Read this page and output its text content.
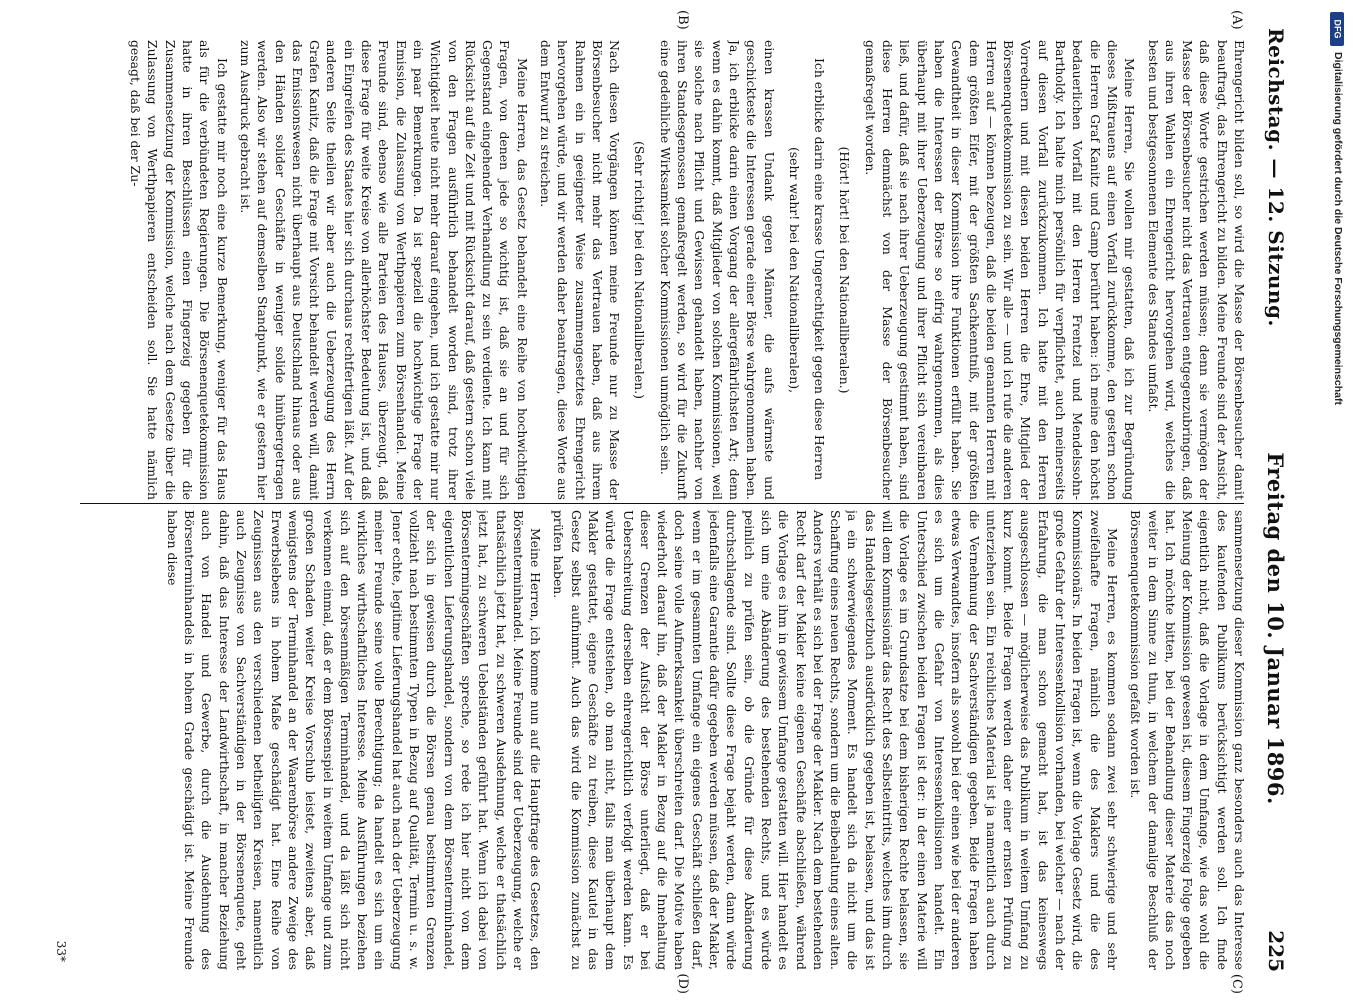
Reichstag. — 12. Sitzung.
Freitag den 10. Januar 1896.
225
(A)
(B)
(C)
(D)

Ehrengericht bilden soll, so wird die Masse der Börsenbesucher damit beauftragt, das Ehrengericht zu bilden. Meine Freunde sind der Ansicht, daß diese Worte gestrichen werden müssen; denn sie vermögen der Masse der Börsenbesucher nicht das Vertrauen entgegenzubringen, daß aus ihren Wahlen ein Ehrengericht hervorgehen wird, welches die besten und bestgesonnenen Elemente des Standes umfaßt.

Meine Herren, Sie wollen mir gestatten, daß ich zur Begründung dieses Mißtrauens auf einen Vorfall zurückkomme, den gestern schon die Herren Graf Kanitz und Gamp berührt haben: ich meine den höchst bedauerlichen Vorfall mit den Herren Frentzel und Mendelssohn-Bartholdy. Ich halte mich persönlich für verpflichtet, auch meinerseits auf diesen Vorfall zurückzukommen. Ich hatte mit den Herren Vorrednern und mit diesen beiden Herren die Ehre, Mitglied der Börsenenquetekommission zu sein. Wir alle — und ich rufe die anderen Herren auf — können bezeugen, daß die beiden genannten Herren mit dem größten Eifer, mit der größten Sachkenntniß, mit der größten Gewandtheit in dieser Kommission ihre Funktionen erfüllt haben. Sie haben die Interessen der Börse so eifrig wahrgenommen, als dies überhaupt mit ihrer Ueberzeugung und ihrer Pflicht sich vereinbaren ließ, und dafür, daß sie nach ihrer Ueberzeugung gestimmt haben, sind diese Herren demnächst von der Masse der Börsenbesucher gemaßregelt worden.

(Hört! hört! bei den Nationalliberalen.)

Ich erblicke darin eine krasse Ungerechtigkeit gegen diese Herren

(sehr wahr! bei den Nationalliberalen),

einen krassen Undank gegen Männer, die aufs wärmste und geschickteste die Interessen gerade einer Börse wahrgenommen haben. Ja, ich erblicke darin einen Vorgang der allergefährlichsten Art; denn wenn es dahin kommt, daß Mitglieder von solchen Kommissionen, weil sie solche nach Pflicht und Gewissen gehandelt haben, nachher von ihren Standesgenossen gemaßregelt werden, so wird für die Zukunft eine gedeihliche Wirksamkeit solcher Kommissionen unmöglich sein.

(Sehr richtig! bei den Nationalliberalen.)

Nach diesen Vorgängen können meine Freunde nur zu Masse der Börsenbesucher nicht mehr das Vertrauen haben, daß aus ihrem Rahmen ein in geeigneter Weise zusammengesetztes Ehrengericht hervorgehen würde, und wir werden daher beantragen, diese Worte aus dem Entwurf zu streichen.

Meine Herren, das Gesetz behandelt eine Reihe von hochwichtigen Fragen, von denen jede so wichtig ist, daß sie an und für sich Gegenstand eingehender Verhandlung zu sein verdiente. Ich kann mit Rücksicht auf die Zeit und mit Rücksicht darauf, daß gestern schon viele von den Fragen ausführlich behandelt worden sind, trotz ihrer Wichtigkeit heute nicht mehr darauf eingehen, und ich gestatte mir nur ein paar Bemerkungen. Da ist speziell die hochwichtige Frage der Emission, die Zulassung von Werthpapieren zum Börsenhandel. Meine Freunde sind, ebenso wie alle Parteien des Hauses, überzeugt, daß diese Frage für weite Kreise von allerhöchster Bedeutung ist, und daß ein Eingreifen des Staates hier sich durchaus rechtfertigen läßt. Auf der anderen Seite theilen wir aber auch die Ueberzeugung des Herrn Grafen Kanitz, daß die Frage mit Vorsicht behandelt werden will, damit das Emissionswesen nicht überhaupt aus Deutschland hinaus oder aus den Händen solider Geschäfte in weniger solide hinübergetragen werden. Also wir stehen auf demselben Standpunkt, wie er gestern hier zum Ausdruck gebracht ist.

Ich gestatte mir noch eine kurze Bemerkung, weniger für das Haus als für die verbündeten Regierungen. Die Börsenenquetekommission hatte in ihren Beschlüssen einen Fingerzeig gegeben für die Zusammensetzung der Kommission, welche nach dem Gesetze über die Zulassung von Werthpapieren entscheiden soll. Sie hatte nämlich gesagt, daß bei der Zu-

sammensetzung dieser Kommission ganz besonders auch das Interesse des kaufenden Publikums berücksichtigt werden soll. Ich finde eigentlich nicht, daß die Vorlage in dem Umfange, wie das wohl die Meinung der Kommission gewesen ist, diesem Fingerzeig Folge gegeben hat. Ich möchte bitten, bei der Behandlung dieser Materie das noch weiter in dem Sinne zu thun, in welchem der damalige Beschluß der Börsenenquetekommission gefaßt worden ist.

Meine Herren, es kommen sodann zwei sehr schwierige und sehr zweifelhafte Fragen, nämlich die des Maklers und die des Kommissionärs. In beiden Fragen ist, wenn die Vorlage Gesetz wird, die große Gefahr der Interessenkollision vorhanden, bei welcher — nach der Erfahrung, die man schon gemacht hat, ist das keineswegs ausgeschlossen — möglicherweise das Publikum in weitem Umfang zu kurz kommt. Beide Fragen werden daher einer ernsten Prüfung zu unterziehen sein. Ein reichliches Material ist ja namentlich auch durch die Vernehmung der Sachverständigen gegeben. Beide Fragen haben etwas Verwandtes, insofern als sowohl bei der einen wie bei der anderen es sich um die Gefahr von Interessenkollisionen handelt. Ein Unterschied zwischen beiden Fragen ist der: in der einen Materie will die Vorlage es im Grundsatze bei dem bisherigen Rechte belassen, sie will dem Kommissionär das Recht des Selbsteintritts, welches ihm durch das Handelsgesetzbuch ausdrücklich gegeben ist, belassen, und das ist ja ein schwerwiegendes Moment. Es handelt sich da nicht um die Schaffung eines neuen Rechts, sondern um die Beibehaltung eines alten. Anders verhält es sich bei der Frage der Makler. Nach dem bestehenden Recht darf der Makler keine eigenen Geschäfte abschließen, während die Vorlage es ihm in gewissem Umfange gestatten will. Hier handelt es sich um eine Abänderung des bestehenden Rechts, und es würde peinlich zu prüfen sein, ob die Gründe für diese Abänderung durchschlagende sind. Sollte diese Frage bejaht werden, dann würde jedenfalls eine Garantie dafür gegeben werden müssen, daß der Makler, wenn er im gesammten Umfange ein eigenes Geschäft schließen darf, doch seine volle Aufmerksamkeit überschreiten darf. Die Motive haben wiederholt darauf hin, daß der Makler in Bezug auf die Innehaltung dieser Grenzen der Aufsicht der Börse unterliegt, daß er bei Ueberschreitung derselben ehrengerichtlich verfolgt werden kann. Es würde die Frage entstehen, ob man nicht, falls man überhaupt dem Makler gestattet, eigene Geschäfte zu treiben, diese Kautel in das Gesetz selbst aufnimmt. Auch das wird die Kommission zunächst zu prüfen haben.

Meine Herren, ich komme nun auf die Hauptfrage des Gesetzes, den Börsenterminhandel. Meine Freunde sind der Ueberzeugung, welche er thatsächlich jetzt hat, zu schweren Ausdehnung, welche er thatsächlich jetzt hat, zu schweren Uebelständen geführt hat. Wenn ich dabei von Börsentermingeschäften spreche, so rede ich hier nicht von dem eigentlichen Lieferungshandel, sondern von dem Börsenterminhandel, der sich in gewissen durch die Börsen genau bestimmten Grenzen vollzieht nach bestimmten Typen in Bezug auf Qualität, Termin u. s. w. Jener echte, legitime Lieferungshandel hat auch nach der Ueberzeugung meiner Freunde seine volle Berechtigung; da handelt es sich um ein wirkliches wirthschaftliches Interesse. Meine Ausführungen beziehen sich auf den börsenmäßigen Terminhandel, und da läßt sich nicht verkennen einmal, daß er dem Börsenspiel in weitem Umfange und zum großen Schaden weiter Kreise Vorschub leistet, zweitens aber, daß wenigstens der Terminhandel an der Waarenbörse andere Zweige des Erwerbslebens in hohem Maße geschädigt hat. Eine Reihe von Zeugnissen aus den verschiedenen betheiligten Kreisen, namentlich auch Zeugnisse von Sachverständigen in der Börsenenquete, geht dahin, daß das Interesse der Landwirthschaft, in mancher Beziehung auch von Handel und Gewerbe, durch die Ausdehnung des Börsenterminhandels in hohem Grade geschädigt ist. Meine Freunde haben diese

33*
DFG
Digitalisierung gefördert durch die Deutsche Forschungsgemeinschaft
